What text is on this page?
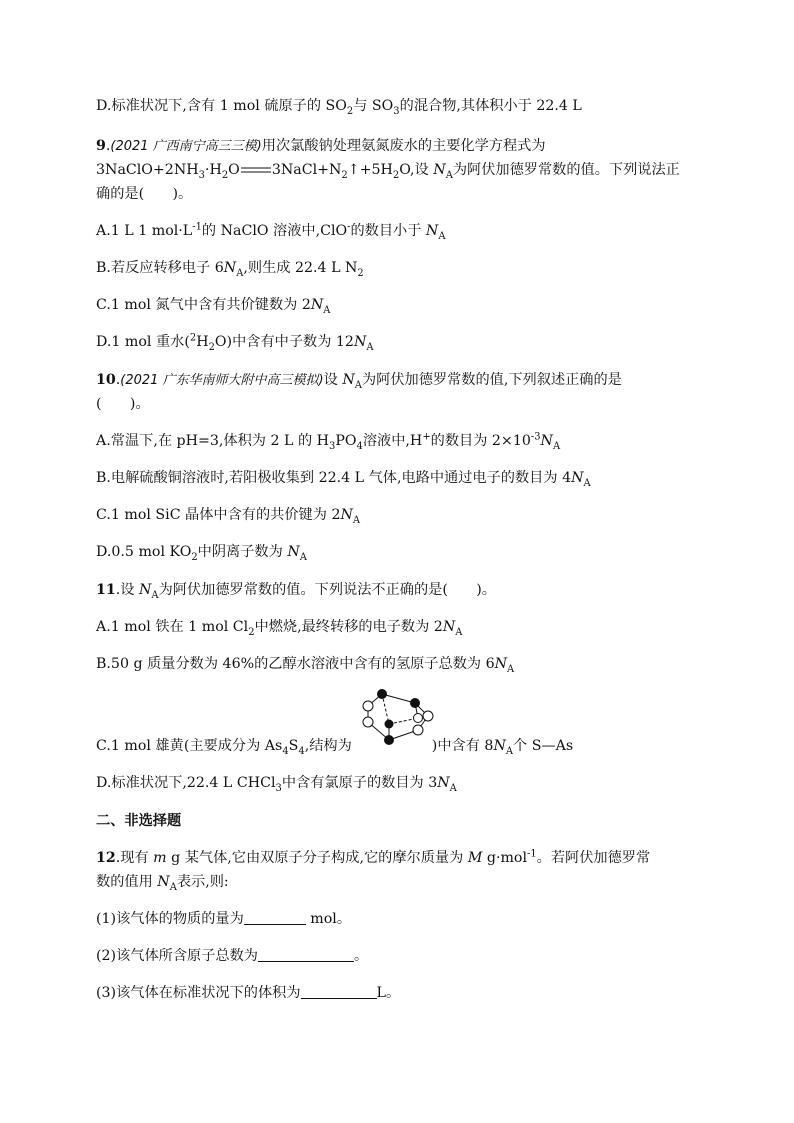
D.标准状况下,含有 1 mol 硫原子的 $SO_2$与 $SO_3$的混合物,其体积小于 22.4 L
9.(2021 广西南宁高三三模)用次氯酸钠处理氨氮废水的主要化学方程式为
$3NaClO+2NH_3\cdot H_2O$ $3NaCl+N_2↑+5H_2O$,设 $N_A$为阿伏加德罗常数的值。下列说法正
确的是(　　)。
A.1 L 1 $mol\cdot L^{-1}$的 NaClO 溶液中,ClO-的数目小于 $N_A$
B.若反应转移电子 $6N_A$,则生成 22.4 L $N_2$
C.1 mol 氮气中含有共价键数为 $2N_A$
D.1 mol 重水$(^2H_2O)$中含有中子数为 $12N_A$
10.(2021 广东华南师大附中高三模拟)设 $N_A$为阿伏加德罗常数的值,下列叙述正确的是
(　　)。
A.常温下,在 pH=3,体积为 2 L 的 $H_3PO_4$溶液中,H+的数目为 $2\times 10^{-3}N_A$
B.电解硫酸铜溶液时,若阳极收集到 22.4 L 气体,电路中通过电子的数目为 $4N_A$
C.1 mol SiC 晶体中含有的共价键为 $2N_A$
D.0.5 mol $KO_2$中阴离子数为 $N_A$
11.设 $N_A$为阿伏加德罗常数的值。下列说法不正确的是(　　)。
A.1 mol 铁在 1 mol $Cl_2$中燃烧,最终转移的电子数为 $2N_A$
B.50 g 质量分数为 46%的乙醇水溶液中含有的氢原子总数为 $6N_A$
C.1 mol 雄黄(主要成分为 $As_4S_4$,结构为	)中含有 $8N_A$个 S—As
D.标准状况下,22.4 L CHCl$_3$中含有氯原子的数目为 $3N_A$
二、非选择题
12.现有 m g 某气体,它由双原子分子构成,它的摩尔质量为 M g·mol$^{-1}$。若阿伏加德罗常
数的值用 $N_A$表示,则:
(1)该气体的物质的量为	mol。
(2)该气体所含原子总数为	。
(3)该气体在标准状况下的体积为	L。
